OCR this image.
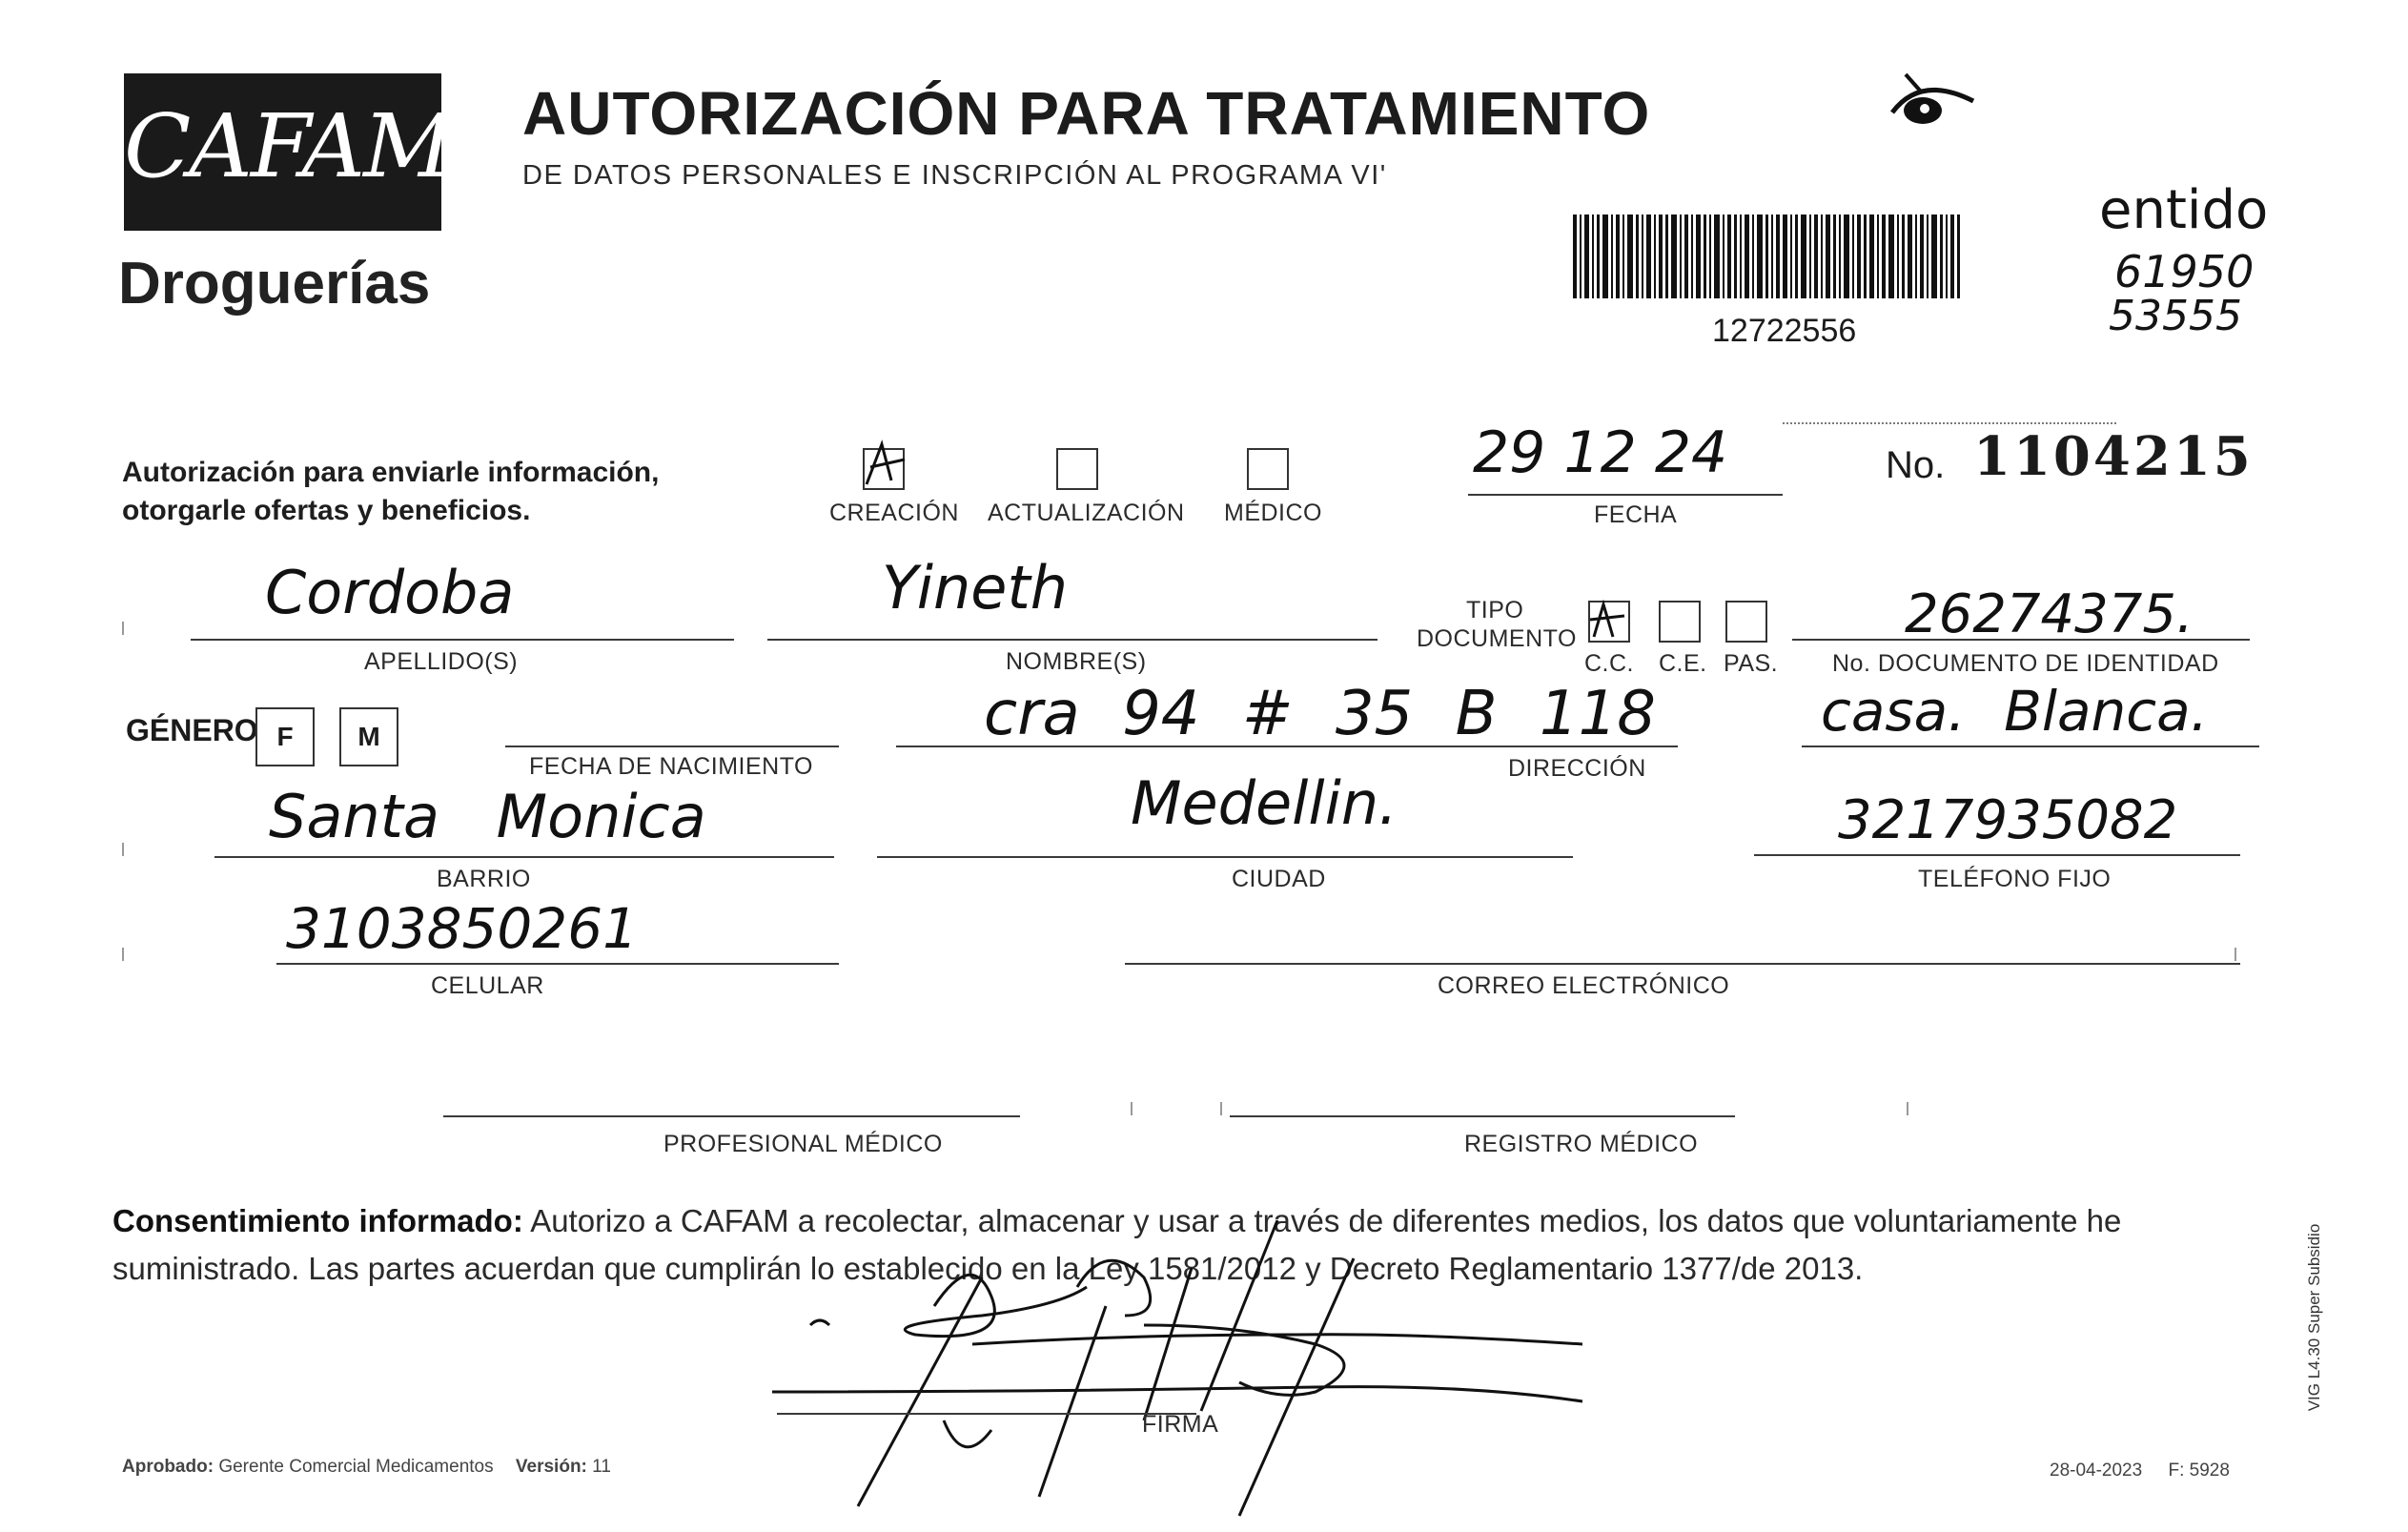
CAFAM
Droguerías
AUTORIZACIÓN PARA TRATAMIENTO
DE DATOS PERSONALES E INSCRIPCIÓN AL PROGRAMA VI'
12722556
entido
61950
53555
Autorización para enviarle información,
otorgarle ofertas y beneficios.	CREACIÓN ACTUALIZACIÓN MÉDICO
29 12 24
FECHA
No. 1104215
Cordoba
APELLIDO(S)
Yineth
NOMBRE(S)
TIPO
DOCUMENTO
C.C. C.E. PAS.
26274375.
No. DOCUMENTO DE IDENTIDAD
GÉNERO F	M
FECHA DE NACIMIENTO
cra 94 # 35 B 118
DIRECCIÓN
casa. Blanca.
Santa Monica
BARRIO
Medellin.
CIUDAD
3217935082
TELÉFONO FIJO
3103850261
CELULAR	CORREO ELECTRÓNICO
PROFESIONAL MÉDICO	REGISTRO MÉDICO
Consentimiento informado: Autorizo a CAFAM a recolectar, almacenar y usar a través de diferentes medios, los datos que voluntariamente he suministrado. Las partes acuerdan que cumplirán lo establecido en la Ley 1581/2012 y Decreto Reglamentario 1377/de 2013.
FIRMA
Aprobado: Gerente Comercial Medicamentos Versión: 11	28-04-2023 F: 5928
VIG L4.30 Super Subsidio
